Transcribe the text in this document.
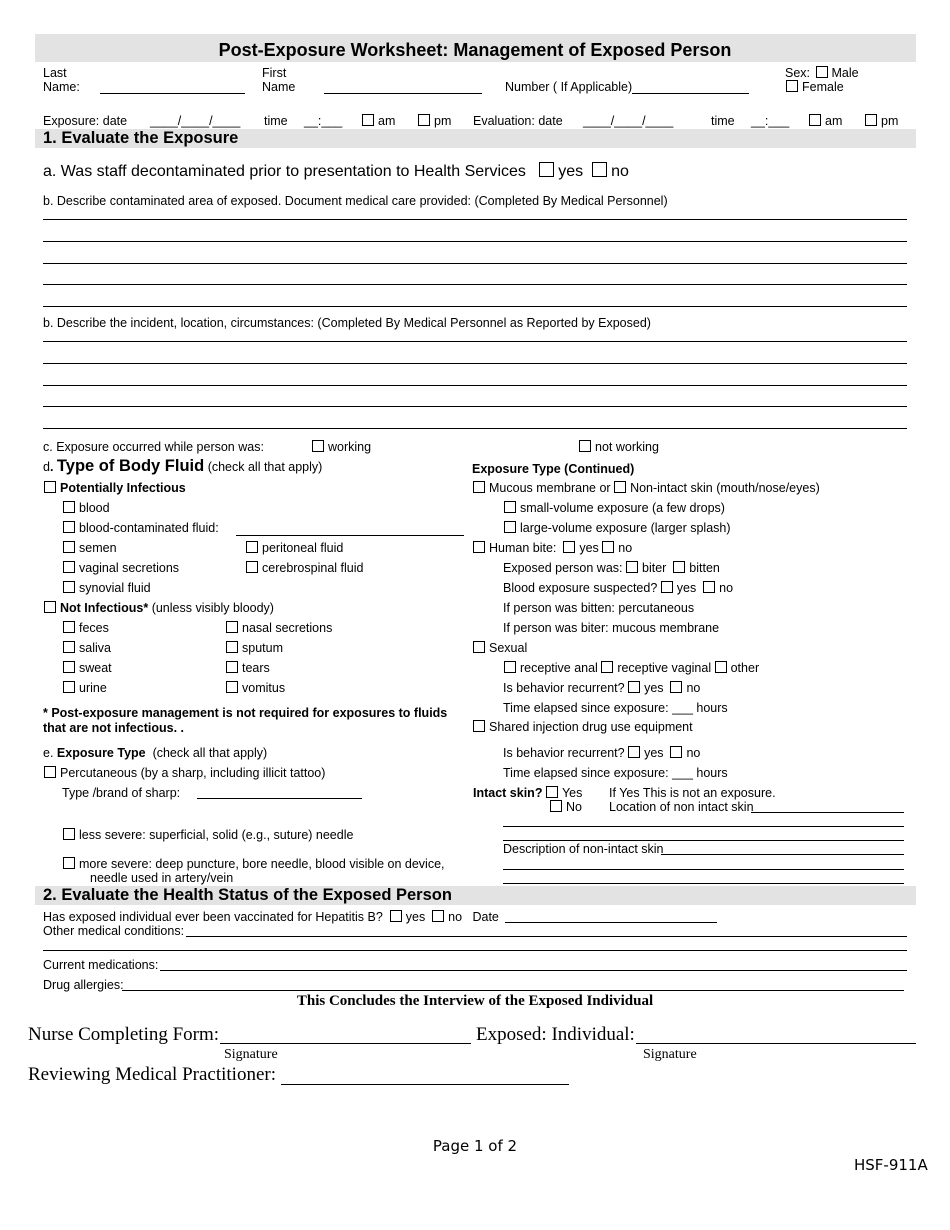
Post-Exposure Worksheet: Management of Exposed Person
Last
Name:
First
Name	Number ( If Applicable)
Sex: Male
Female
Exposure: date ____/____/____ time __:___	am	pm Evaluation: date ____/____/____	time __:___	am	pm
1. Evaluate the Exposure
a. Was staff decontaminated prior to presentation to Health Services yes no
b. Describe contaminated area of exposed. Document medical care provided: (Completed By Medical Personnel)
b. Describe the incident, location, circumstances: (Completed By Medical Personnel as Reported by Exposed)
c. Exposure occurred while person was:	working	not working
d. Type of Body Fluid (check all that apply)
Potentially Infectious
blood
blood-contaminated fluid:
semen	peritoneal fluid
vaginal secretions	cerebrospinal fluid
synovial fluid
Not Infectious* (unless visibly bloody)
feces	nasal secretions
saliva	sputum
sweat	tears
urine	vomitus
* Post-exposure management is not required for exposures to fluids
that are not infectious. .
e. Exposure Type (check all that apply)
Percutaneous (by a sharp, including illicit tattoo)
Type /brand of sharp:
less severe: superficial, solid (e.g., suture) needle
more severe: deep puncture, bore needle, blood visible on device,
needle used in artery/vein
Exposure Type (Continued)
Mucous membrane or Non-intact skin (mouth/nose/eyes)
small-volume exposure (a few drops)
large-volume exposure (larger splash)
Human bite: yes no
Exposed person was: biter bitten
Blood exposure suspected? yes no
If person was bitten: percutaneous
If person was biter: mucous membrane
Sexual
receptive anal receptive vaginal other
Is behavior recurrent? yes no
Time elapsed since exposure: ___ hours
Shared injection drug use equipment
Is behavior recurrent? yes no
Time elapsed since exposure: ___ hours
Intact skin? Yes If Yes This is not an exposure.
No Location of non intact skin
Description of non-intact skin
2. Evaluate the Health Status of the Exposed Person
Has exposed individual ever been vaccinated for Hepatitis B? yes no Date
Other medical conditions:
Current medications:
Drug allergies:
This Concludes the Interview of the Exposed Individual
Nurse Completing Form:	Exposed: Individual:
Signature	Signature
Reviewing Medical Practitioner:
Page 1 of 2
HSF-911A
